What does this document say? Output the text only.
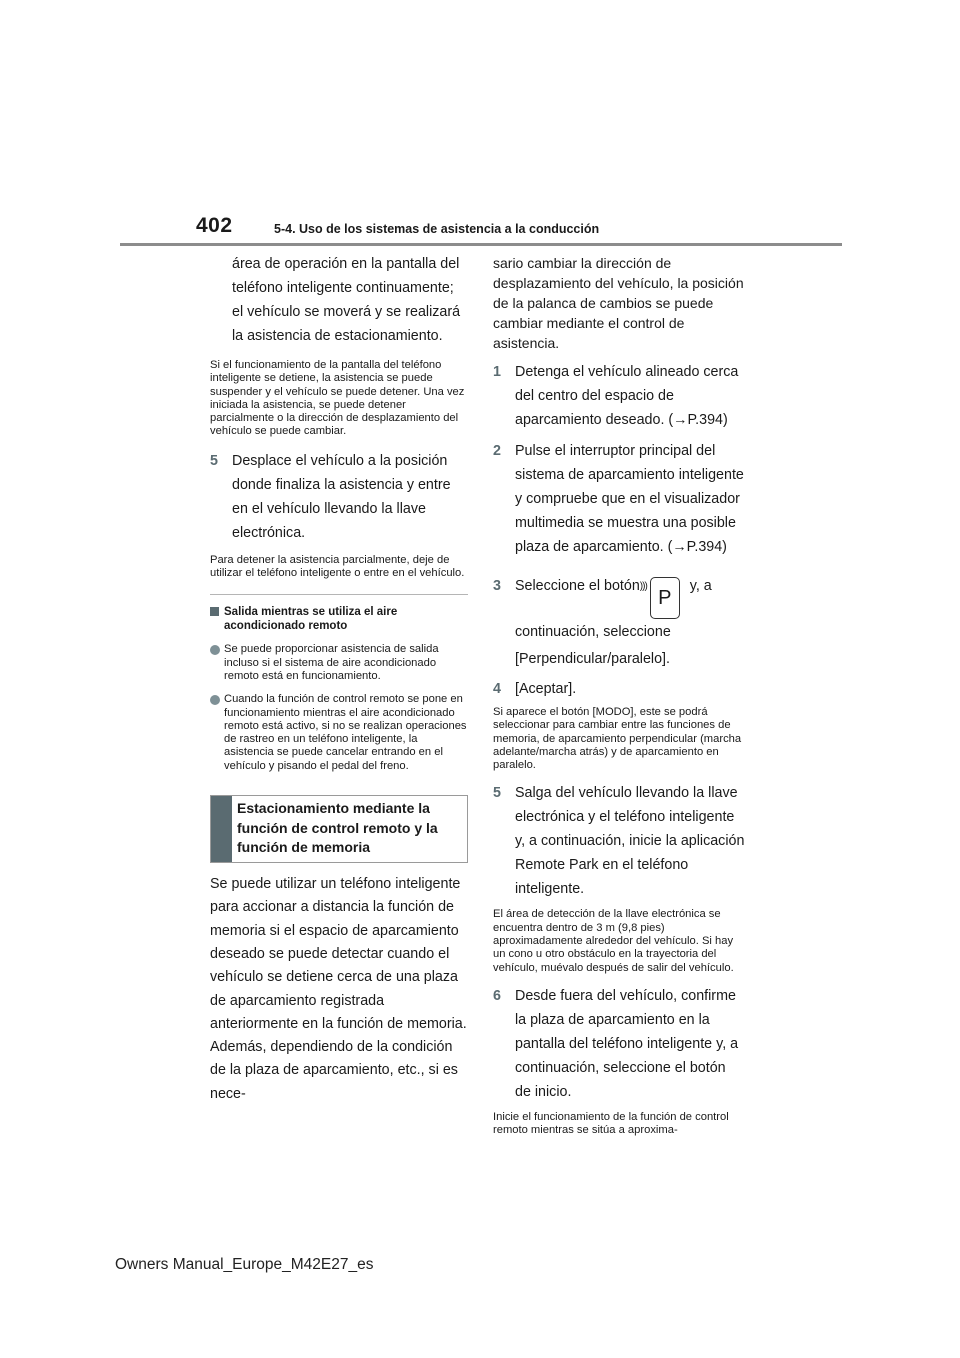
402	5-4. Uso de los sistemas de asistencia a la conducción
área de operación en la pantalla del teléfono inteligente continuamente; el vehículo se moverá y se realizará la asistencia de estacionamiento.
Si el funcionamiento de la pantalla del teléfono inteligente se detiene, la asistencia se puede suspender y el vehículo se puede detener. Una vez iniciada la asistencia, se puede detener parcialmente o la dirección de desplazamiento del vehículo se puede cambiar.
5 Desplace el vehículo a la posición donde finaliza la asistencia y entre en el vehículo llevando la llave electrónica.
Para detener la asistencia parcialmente, deje de utilizar el teléfono inteligente o entre en el vehículo.
Salida mientras se utiliza el aire acondicionado remoto
Se puede proporcionar asistencia de salida incluso si el sistema de aire acondicionado remoto está en funcionamiento.
Cuando la función de control remoto se pone en funcionamiento mientras el aire acondicionado remoto está activo, si no se realizan operaciones de rastreo en un teléfono inteligente, la asistencia se puede cancelar entrando en el vehículo y pisando el pedal del freno.
Estacionamiento mediante la función de control remoto y la función de memoria
Se puede utilizar un teléfono inteligente para accionar a distancia la función de memoria si el espacio de aparcamiento deseado se puede detectar cuando el vehículo se detiene cerca de una plaza de aparcamiento registrada anteriormente en la función de memoria. Además, dependiendo de la condición de la plaza de aparcamiento, etc., si es nece-
sario cambiar la dirección de desplazamiento del vehículo, la posición de la palanca de cambios se puede cambiar mediante el control de asistencia.
1 Detenga el vehículo alineado cerca del centro del espacio de aparcamiento deseado. (→P.394)
2 Pulse el interruptor principal del sistema de aparcamiento inteligente y compruebe que en el visualizador multimedia se muestra una posible plaza de aparcamiento. (→P.394)
3 Seleccione el botón )))
P y, a continuación, seleccione [Perpendicular/paralelo].
4 [Aceptar].
Si aparece el botón [MODO], este se podrá seleccionar para cambiar entre las funciones de memoria, de aparcamiento perpendicular (marcha adelante/marcha atrás) y de aparcamiento en paralelo.
5 Salga del vehículo llevando la llave electrónica y el teléfono inteligente y, a continuación, inicie la aplicación Remote Park en el teléfono inteligente.
El área de detección de la llave electrónica se encuentra dentro de 3 m (9,8 pies) aproximadamente alrededor del vehículo. Si hay un cono u otro obstáculo en la trayectoria del vehículo, muévalo después de salir del vehículo.
6 Desde fuera del vehículo, confirme la plaza de aparcamiento en la pantalla del teléfono inteligente y, a continuación, seleccione el botón de inicio.
Inicie el funcionamiento de la función de control remoto mientras se sitúa a aproxima-
Owners Manual_Europe_M42E27_es
